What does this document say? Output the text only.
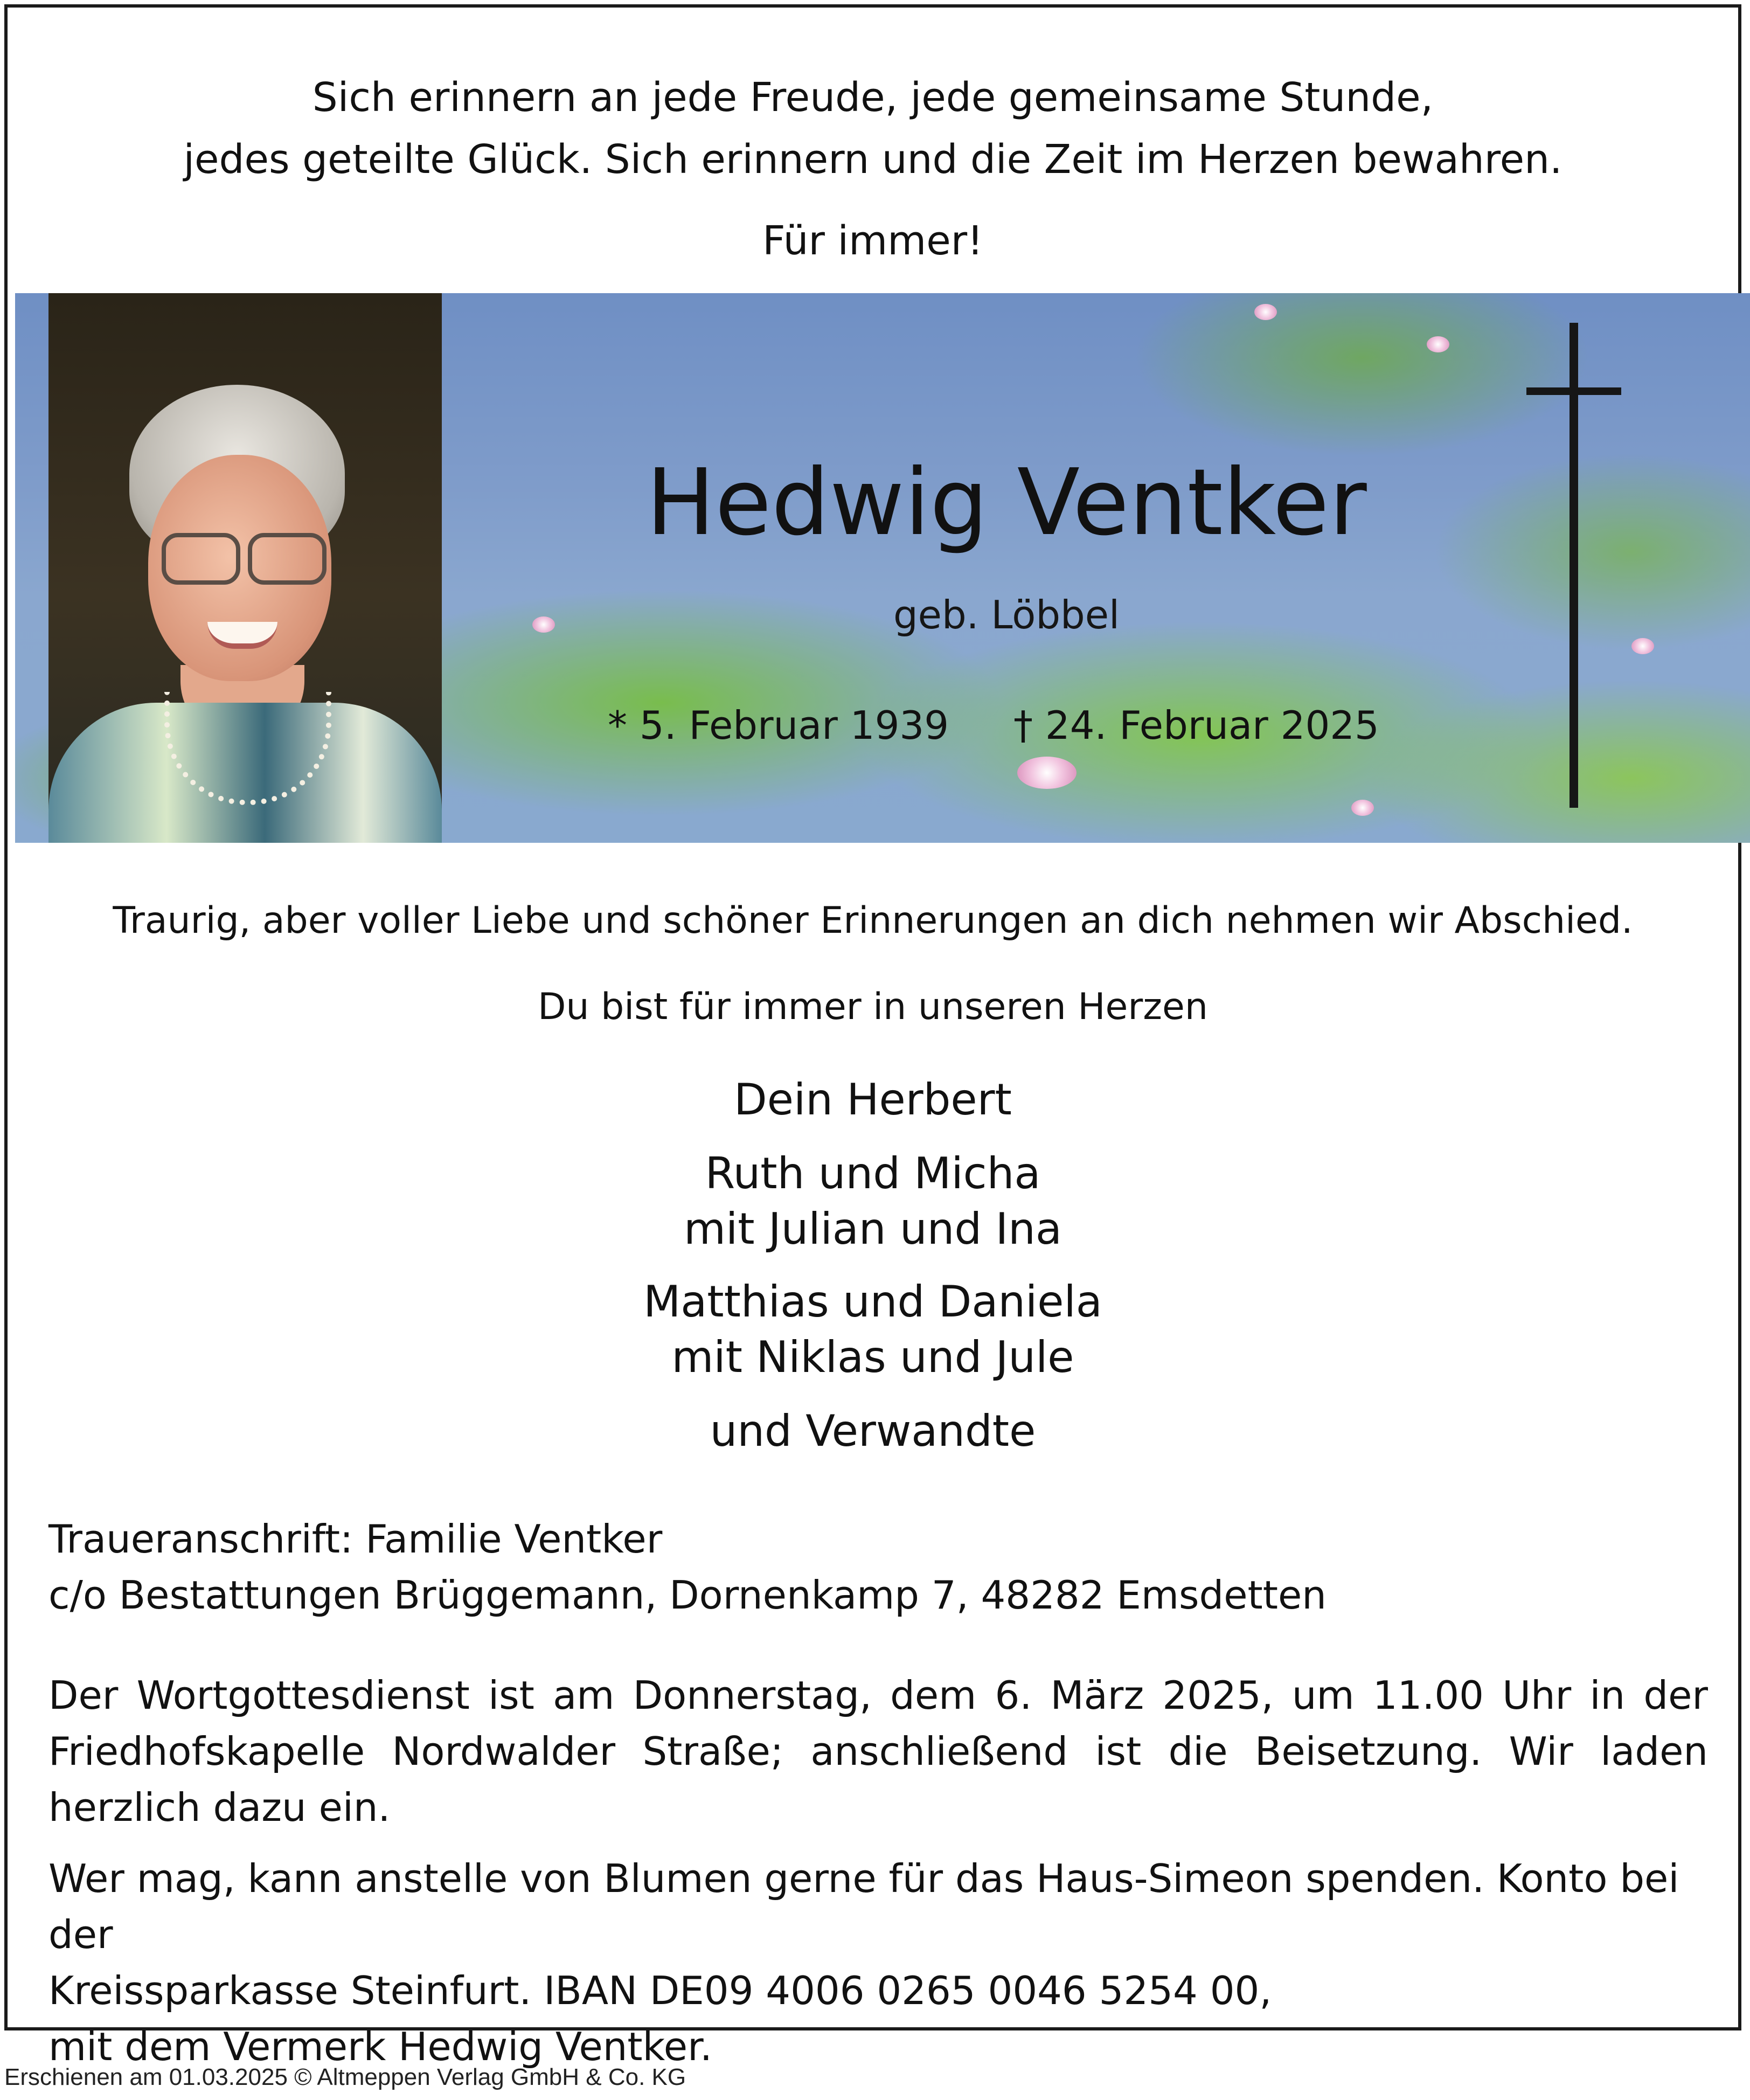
Sich erinnern an jede Freude, jede gemeinsame Stunde,
jedes geteilte Glück. Sich erinnern und die Zeit im Herzen bewahren.
Für immer!
Hedwig Ventker
geb. Löbbel
* 5. Februar 1939 † 24. Februar 2025
Traurig, aber voller Liebe und schöner Erinnerungen an dich nehmen wir Abschied.
Du bist für immer in unseren Herzen
Dein Herbert
Ruth und Micha
mit Julian und Ina
Matthias und Daniela
mit Niklas und Jule
und Verwandte
Traueranschrift: Familie Ventker
c/o Bestattungen Brüggemann, Dornenkamp 7, 48282 Emsdetten
Der Wortgottesdienst ist am Donnerstag, dem 6. März 2025, um 11.00 Uhr in der Friedhofskapelle Nordwalder Straße; anschließend ist die Beisetzung. Wir laden herzlich dazu ein.
Wer mag, kann anstelle von Blumen gerne für das Haus-Simeon spenden. Konto bei der
Kreissparkasse Steinfurt. IBAN DE09 4006 0265 0046 5254 00,
mit dem Vermerk Hedwig Ventker.
Erschienen am 01.03.2025 © Altmeppen Verlag GmbH & Co. KG
